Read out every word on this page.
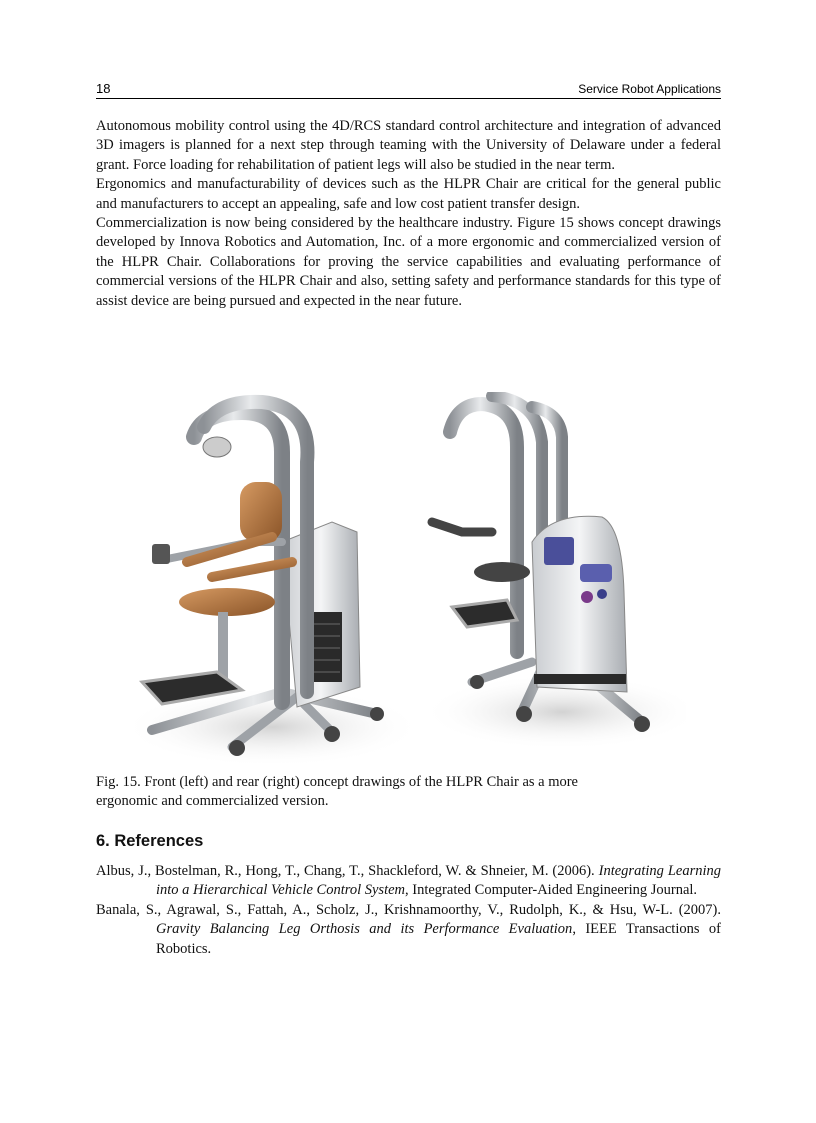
18	Service Robot Applications

Autonomous mobility control using the 4D/RCS standard control architecture and integration of advanced 3D imagers is planned for a next step through teaming with the University of Delaware under a federal grant. Force loading for rehabilitation of patient legs will also be studied in the near term.

Ergonomics and manufacturability of devices such as the HLPR Chair are critical for the general public and manufacturers to accept an appealing, safe and low cost patient transfer design.

Commercialization is now being considered by the healthcare industry. Figure 15 shows concept drawings developed by Innova Robotics and Automation, Inc. of a more ergonomic and commercialized version of the HLPR Chair. Collaborations for proving the service capabilities and evaluating performance of commercial versions of the HLPR Chair and also, setting safety and performance standards for this type of assist device are being pursued and expected in the near future.

Fig. 15. Front (left) and rear (right) concept drawings of the HLPR Chair as a more
ergonomic and commercialized version.
6. References

Albus, J., Bostelman, R., Hong, T., Chang, T., Shackleford, W. & Shneier, M. (2006). Integrating Learning into a Hierarchical Vehicle Control System, Integrated Computer-Aided Engineering Journal.

Banala, S., Agrawal, S., Fattah, A., Scholz, J., Krishnamoorthy, V., Rudolph, K., & Hsu, W-L. (2007). Gravity Balancing Leg Orthosis and its Performance Evaluation, IEEE Transactions of Robotics.
